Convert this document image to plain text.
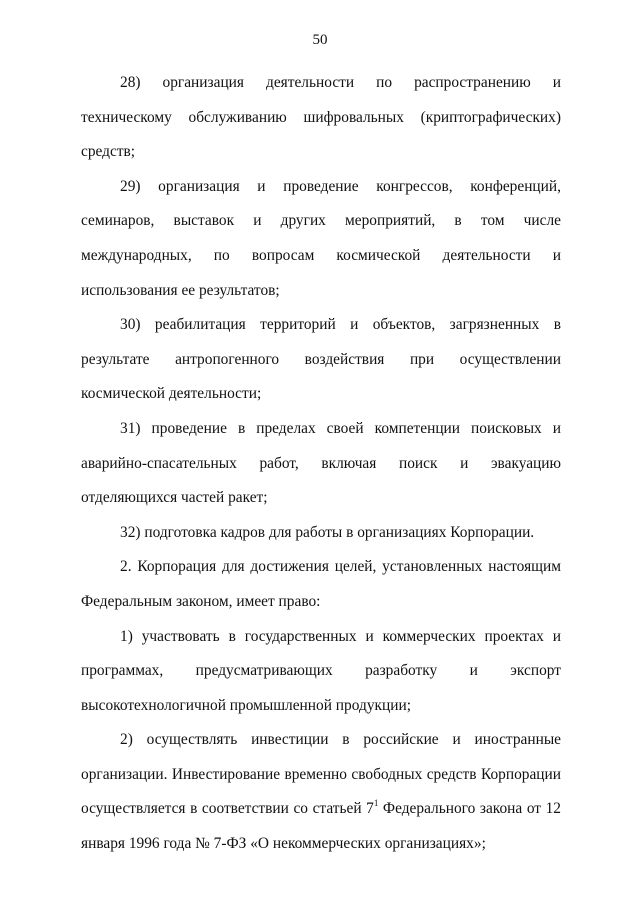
50

28) организация деятельности по распространению и техническому обслуживанию шифровальных (криптографических) средств;

29) организация и проведение конгрессов, конференций, семинаров, выставок и других мероприятий, в том числе международных, по вопросам космической деятельности и использования ее результатов;

30) реабилитация территорий и объектов, загрязненных в результате антропогенного воздействия при осуществлении космической деятельности;

31) проведение в пределах своей компетенции поисковых и аварийно-спасательных работ, включая поиск и эвакуацию отделяющихся частей ракет;

32) подготовка кадров для работы в организациях Корпорации.

2. Корпорация для достижения целей, установленных настоящим Федеральным законом, имеет право:

1) участвовать в государственных и коммерческих проектах и программах, предусматривающих разработку и экспорт высокотехнологичной промышленной продукции;

2) осуществлять инвестиции в российские и иностранные организации. Инвестирование временно свободных средств Корпорации осуществляется в соответствии со статьей $7^1$ Федерального закона от 12 января 1996 года № 7-ФЗ «О некоммерческих организациях»;
